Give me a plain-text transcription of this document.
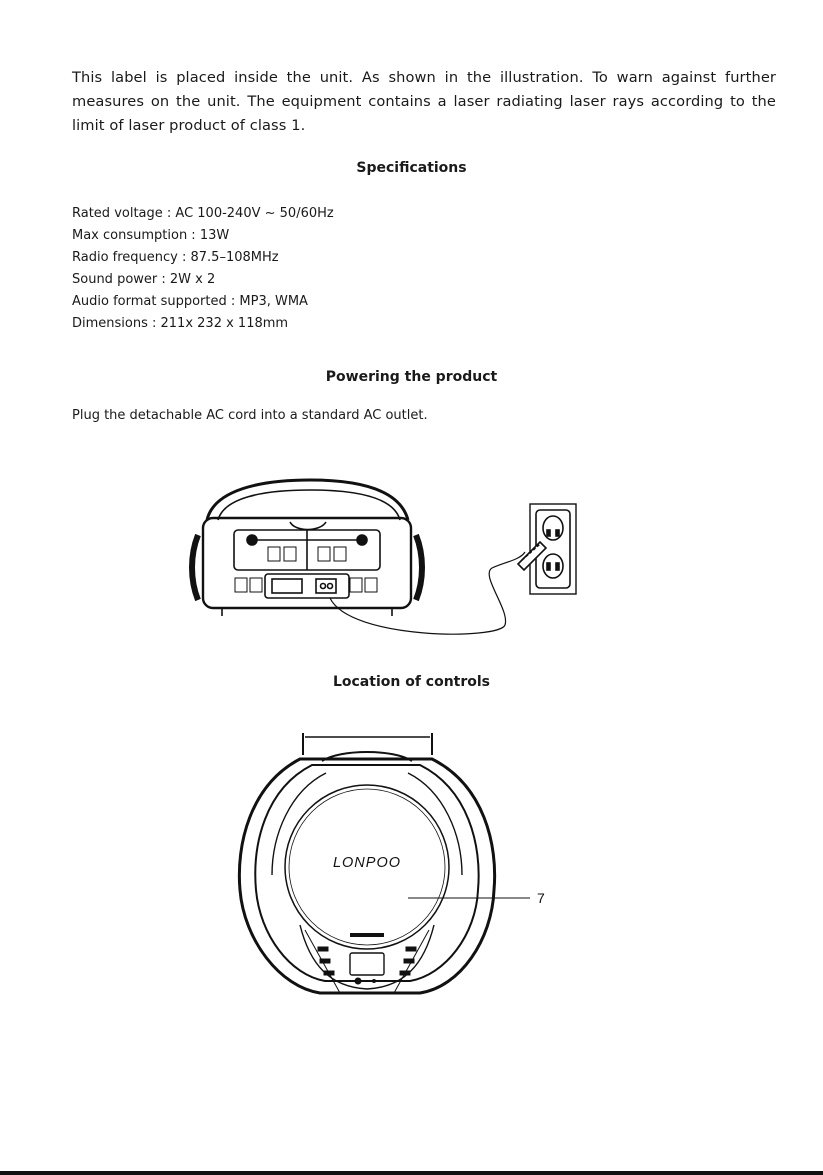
This label is placed inside the unit. As shown in the illustration. To warn against further measures on the unit. The equipment contains a laser radiating laser rays according to the limit of laser product of class 1.

Specifications
Rated voltage : AC 100-240V ~ 50/60Hz
Max consumption : 13W
Radio frequency : 87.5–108MHz
Sound power : 2W x 2
Audio format supported : MP3, WMA
Dimensions : 211x 232 x 118mm
Powering the product
Plug the detachable AC cord into a standard AC outlet.
Location of controls
LONPOO
7
